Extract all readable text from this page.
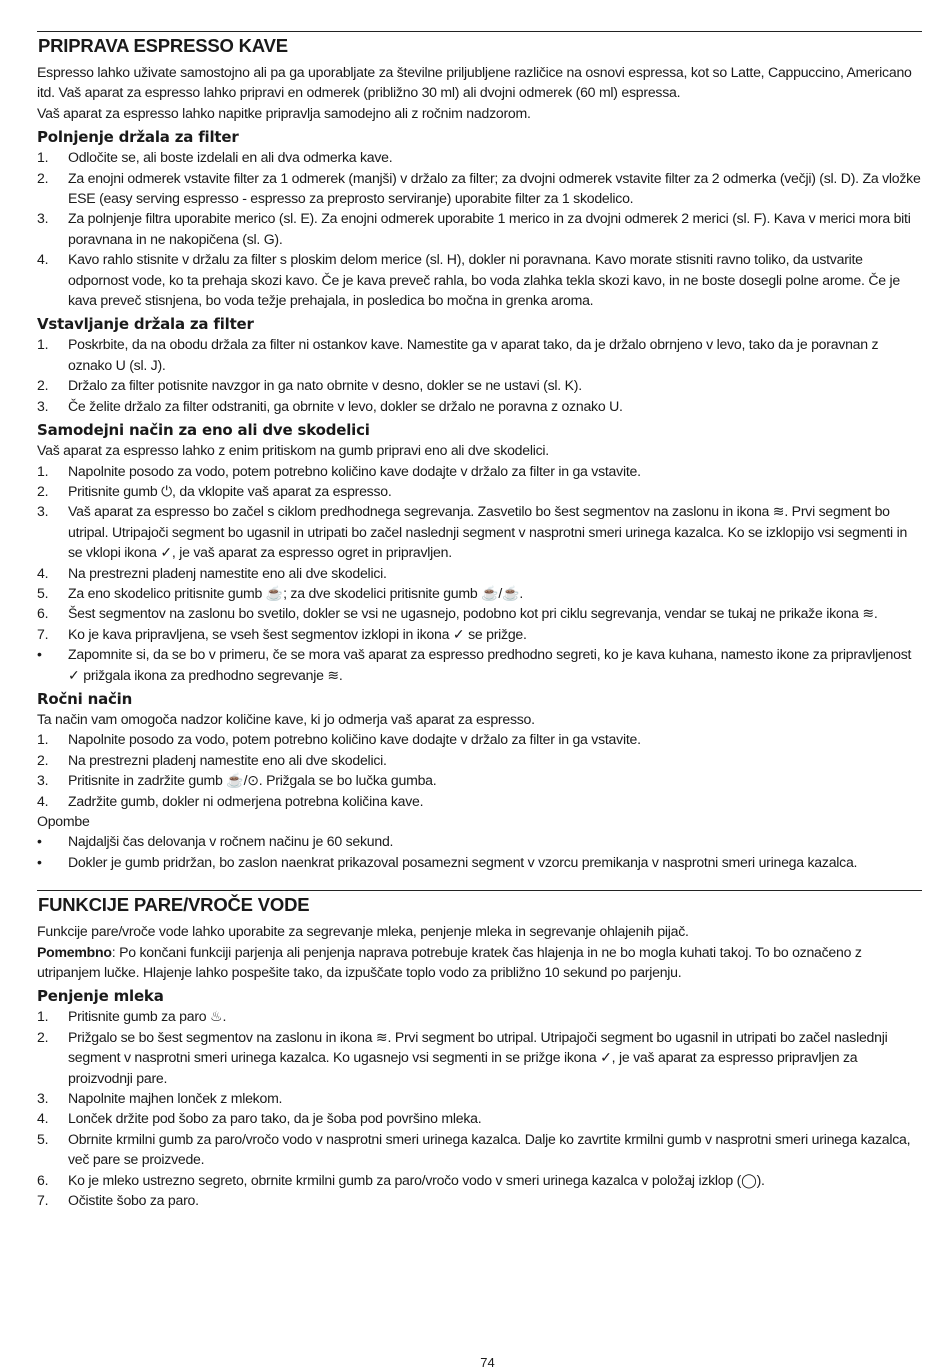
PRIPRAVA ESPRESSO KAVE

Espresso lahko uživate samostojno ali pa ga uporabljate za številne priljubljene različice na osnovi espressa, kot so Latte, Cappuccino, Americano itd. Vaš aparat za espresso lahko pripravi en odmerek (približno 30 ml) ali dvojni odmerek (60 ml) espressa.

Vaš aparat za espresso lahko napitke pripravlja samodejno ali z ročnim nadzorom.

Polnjenje držala za filter
1. Odločite se, ali boste izdelali en ali dva odmerka kave.
2. Za enojni odmerek vstavite filter za 1 odmerek (manjši) v držalo za filter; za dvojni odmerek vstavite filter za 2 odmerka (večji) (sl. D). Za vložke ESE (easy serving espresso - espresso za preprosto serviranje) uporabite filter za 1 skodelico.
3. Za polnjenje filtra uporabite merico (sl. E). Za enojni odmerek uporabite 1 merico in za dvojni odmerek 2 merici (sl. F). Kava v merici mora biti poravnana in ne nakopičena (sl. G).
4. Kavo rahlo stisnite v držalu za filter s ploskim delom merice (sl. H), dokler ni poravnana. Kavo morate stisniti ravno toliko, da ustvarite odpornost vode, ko ta prehaja skozi kavo. Če je kava preveč rahla, bo voda zlahka tekla skozi kavo, in ne boste dosegli polne arome. Če je kava preveč stisnjena, bo voda težje prehajala, in posledica bo močna in grenka aroma.
Vstavljanje držala za filter
1. Poskrbite, da na obodu držala za filter ni ostankov kave. Namestite ga v aparat tako, da je držalo obrnjeno v levo, tako da je poravnan z oznako U (sl. J).
2. Držalo za filter potisnite navzgor in ga nato obrnite v desno, dokler se ne ustavi (sl. K).
3. Če želite držalo za filter odstraniti, ga obrnite v levo, dokler se držalo ne poravna z oznako U.
Samodejni način za eno ali dve skodelici

Vaš aparat za espresso lahko z enim pritiskom na gumb pripravi eno ali dve skodelici.

1. Napolnite posodo za vodo, potem potrebno količino kave dodajte v držalo za filter in ga vstavite.
2. Pritisnite gumb ⏻, da vklopite vaš aparat za espresso.
3. Vaš aparat za espresso bo začel s ciklom predhodnega segrevanja. Zasvetilo bo šest segmentov na zaslonu in ikona ≋. Prvi segment bo utripal. Utripajoči segment bo ugasnil in utripati bo začel naslednji segment v nasprotni smeri urinega kazalca. Ko se izklopijo vsi segmenti in se vklopi ikona ✓, je vaš aparat za espresso ogret in pripravljen.
4. Na prestrezni pladenj namestite eno ali dve skodelici.
5. Za eno skodelico pritisnite gumb ☕; za dve skodelici pritisnite gumb ☕/☕.
6. Šest segmentov na zaslonu bo svetilo, dokler se vsi ne ugasnejo, podobno kot pri ciklu segrevanja, vendar se tukaj ne prikaže ikona ≋.
7. Ko je kava pripravljena, se vseh šest segmentov izklopi in ikona ✓ se prižge.
• Zapomnite si, da se bo v primeru, če se mora vaš aparat za espresso predhodno segreti, ko je kava kuhana, namesto ikone za pripravljenost ✓ prižgala ikona za predhodno segrevanje ≋.
Ročni način

Ta način vam omogoča nadzor količine kave, ki jo odmerja vaš aparat za espresso.

1. Napolnite posodo za vodo, potem potrebno količino kave dodajte v držalo za filter in ga vstavite.
2. Na prestrezni pladenj namestite eno ali dve skodelici.
3. Pritisnite in zadržite gumb ☕/⊙. Prižgala se bo lučka gumba.
4. Zadržite gumb, dokler ni odmerjena potrebna količina kave.

Opombe

• Najdaljši čas delovanja v ročnem načinu je 60 sekund.
• Dokler je gumb pridržan, bo zaslon naenkrat prikazoval posamezni segment v vzorcu premikanja v nasprotni smeri urinega kazalca.
FUNKCIJE PARE/VROČE VODE

Funkcije pare/vroče vode lahko uporabite za segrevanje mleka, penjenje mleka in segrevanje ohlajenih pijač.

Pomembno: Po končani funkciji parjenja ali penjenja naprava potrebuje kratek čas hlajenja in ne bo mogla kuhati takoj. To bo označeno z utripanjem lučke. Hlajenje lahko pospešite tako, da izpuščate toplo vodo za približno 10 sekund po parjenju.

Penjenje mleka
1. Pritisnite gumb za paro ♨.
2. Prižgalo se bo šest segmentov na zaslonu in ikona ≋. Prvi segment bo utripal. Utripajoči segment bo ugasnil in utripati bo začel naslednji segment v nasprotni smeri urinega kazalca. Ko ugasnejo vsi segmenti in se prižge ikona ✓, je vaš aparat za espresso pripravljen za proizvodnji pare.
3. Napolnite majhen lonček z mlekom.
4. Lonček držite pod šobo za paro tako, da je šoba pod površino mleka.
5. Obrnite krmilni gumb za paro/vročo vodo v nasprotni smeri urinega kazalca. Dalje ko zavrtite krmilni gumb v nasprotni smeri urinega kazalca, več pare se proizvede.
6. Ko je mleko ustrezno segreto, obrnite krmilni gumb za paro/vročo vodo v smeri urinega kazalca v položaj izklop (◯).
7. Očistite šobo za paro.
74
